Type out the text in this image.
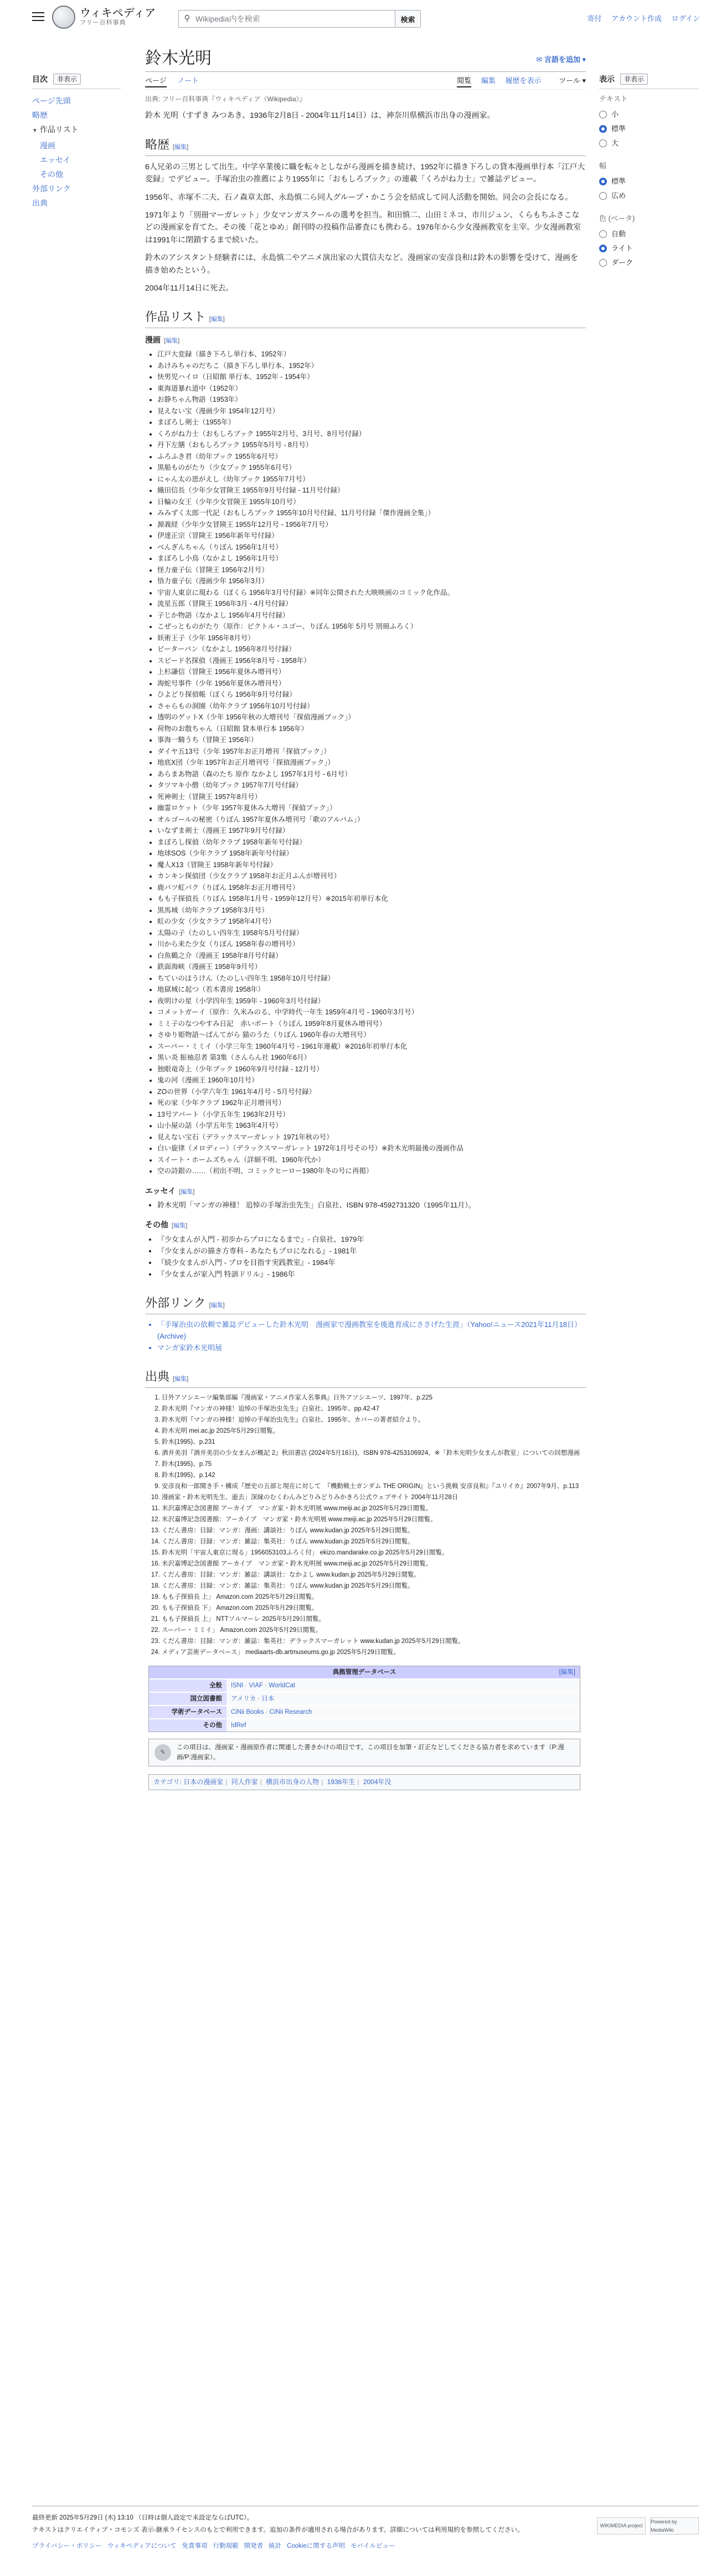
ウィキペディア
フリー百科事典	⚲
Wikipedia内を検索	検索	寄付 アカウント作成 ログイン
目次	非表示
ページ先頭
略歴
▼ 作品リスト
漫画
エッセイ
その他
外部リンク
出典
表示	非表示
テキスト
小
標準
大
幅
標準
広め
色 (ベータ)
自動
ライト
ダーク
鈴木光明	✉ 言語を追加 ▾
ページ ノート	閲覧 編集 履歴を表示 ツール ▾
出典: フリー百科事典『ウィキペディア（Wikipedia）』

鈴木 光明（すずき みつあき、1936年2月8日 - 2004年11月14日）は、神奈川県横浜市出身の漫画家。

略歴 [編集]

6人兄弟の三男として出生。中学卒業後に職を転々としながら漫画を描き続け、1952年に描き下ろしの貸本漫画単行本「江戸大変録」でデビュー。手塚治虫の推薦により1955年に「おもしろブック」の連載「くろがね力士」で雑誌デビュー。

1956年、赤塚不二夫、石ノ森章太郎、永島慎二ら同人グループ・かこう会を結成して同人活動を開始。同会の会長になる。

1971年より「別冊マーガレット」少女マンガスクールの選考を担当。和田慎二、山田ミネコ、市川ジュン、くらもちふさこなどの漫画家を育てた。その後「花とゆめ」創刊時の投稿作品審査にも携わる。1976年から少女漫画教室を主宰。少女漫画教室は1991年に閉鎖するまで続いた。

鈴木のアシスタント経験者には、永島慎二やアニメ演出家の大貫信夫など。漫画家の安彦良和は鈴木の影響を受けて、漫画を描き始めたという。

2004年11月14日に死去。

作品リスト [編集]
漫画 [編集]
• 江戸大変録（描き下ろし単行本、1952年）
• あけみちゃのだちこ（描き下ろし単行本、1952年）
• 快男児ハイロ（日昭館 単行本、1952年 - 1954年）
• 東海道暴れ道中（1952年）
• お静ちゃん物語（1953年）
• 見えない宝（漫画少年 1954年12月号）
• まぼろし剣士（1955年）
• くろがね力士（おもしろブック 1955年2月号、3月号、8月号付録）
• 丹下左膳（おもしろブック 1955年5月号 - 8月号）
• ふろふき君（幼年ブック 1955年6月号）
• 黒船ものがたり（少女ブック 1955年6月号）
• にゃん太の恩がえし（幼年ブック 1955年7月号）
• 織田信長（少年少女冒険王 1955年9月号付録 - 11月号付録）
• 日輪の女王（少年少女冒険王 1955年10月号）
• みみずく太郎一代記（おもしろブック 1955年10月号付録、11月号付録「傑作漫画全集」）
• 源義経（少年少女冒険王 1955年12月号 - 1956年7月号）
• 伊達正宗（冒険王 1956年新年号付録）
• べんぎんちゃん（りぼん 1956年1月号）
• まぼろし小鳥（なかよし 1956年1月号）
• 怪力童子伝（冒険王 1956年2月号）
• 悟力童子伝（漫画少年 1956年3月）
• 宇宙人東京に現わる（ぼくら 1956年3月号付録）※同年公開された大映映画のコミック化作品。
• 流星五郎（冒険王 1956年3月 - 4月号付録）
• 子じか物語（なかよし 1956年4月号付録）
• こぜっとものがたり（原作：ビクトル・ユゴー、りぼん 1956年 5月号 別冊ふろく）
• 妖術王子（少年 1956年8月号）
• ピーターパン（なかよし 1956年8月号付録）
• スピード名探偵（漫画王 1956年8月号 - 1958年）
• 上杉謙信（冒険王 1956年夏休み増刊号）
• 海蛇号事件（少年 1956年夏休み増刊号）
• ひよどり探偵帳（ぼくら 1956年9月号付録）
• さゃらもの洞園（幼年クラブ 1956年10月号付録）
• 透明のゲットX（少年 1956年秋の大増刊号「探偵漫画ブック」）
• 荷物のお散ちゃん（日昭館 貸本単行本 1956年）
• 事海一騎うち（冒険王 1956年）
• ダイヤ五13号（少年 1957年お正月増刊「探偵ブック」）
• 地底X団（少年 1957年お正月増刊号「探偵漫画ブック」）
• あらまあ物語（森のたち 原作 なかよし 1957年1月号 - 6月号）
• タツマキ小僧（幼年ブック 1957年7月号付録）
• 死神剣士（冒険王 1957年8月号）
• 幽霊ロケット（少年 1957年夏休み大増刊「探偵ブック」）
• オルゴールの秘密（りぼん 1957年夏休み増刊号「歌のアルバム」）
• いなずま剣士（漫画王 1957年9月号付録）
• まぼろし探偵（幼年クラブ 1958年新年号付録）
• 地球SOS（少年クラブ 1958年新年号付録）
• 魔人X13（冒険王 1958年新年号付録）
• カンキン探偵団（少女クラブ 1958年お正月ふんが増刊号）
• 鹿バツ虹バク（りぼん 1958年お正月増刊号）
• もも子探偵長（りぼん 1958年1月号 - 1959年12月号）※2015年初単行本化
• 黒馬城（幼年クラブ 1958年3月号）
• 虹の少女（少女クラブ 1958年4月号）
• 太陽の子（たのしい四年生 1958年5月号付録）
• 川から来た少女（りぼん 1958年春の増刊号）
• 白魚鶴之介（漫画王 1958年8月号付録）
• 鉄面海峡（漫画王 1958年9月号）
• ちていのほうけん（たのしい四年生 1958年10月号付録）
• 地獄城に起つ（若木書房 1958年）
• 夜明けの星（小学四年生 1959年 - 1960年3月号付録）
• コメットガーイ（原作：久米みのる、中学時代一年生 1959年4月号 - 1960年3月号）
• ミミ子のなつやすみ日記　赤いボート（りぼん 1959年8月夏休み増刊号）
• さゆり姫物語～ぱんてがら 猫のうた（りぼん 1960年春の大増刊号）
• スーパー・ミミイ（小学三年生 1960年4月号 - 1961年連載）※2016年初単行本化
• 黒い炎 振袖忍者 第3集（さんらん社 1960年6月）
• 独眼竜奇上（少年ブック 1960年9月号付録 - 12月号）
• 鬼の河（漫画王 1960年10月号）
• ZOの世界（小学六年生 1961年4月号 - 5月号付録）
• 死の家（少年クラブ 1962年正月増刊号）
• 13号アパート（小学五年生 1963年2月号）
• 山小屋の話（小学五年生 1963年4月号）
• 見えない宝石（デラックスマーガレット 1971年秋の号）
• 白い旋律（メロディー）（デラックスマーガレット 1972年1月号その号）※鈴木光明最後の漫画作品
• スイート・ホームズちゃん（詳細不明、1960年代か）
• 空の詩銀の……（初出不明、コミックヒーロー1980年冬の号に再掲）
エッセイ [編集]
• 鈴木光明「マンガの神様！ 追悼の手塚治虫先生」白泉社、ISBN 978-4592731320（1995年11月）。
その他 [編集]
• 『少女まんが入門 - 初歩からプロになるまで』- 白泉社、1979年
• 『少女まんがの描き方専科 - あなたもプロになれる』- 1981年
• 『続少女まんが入門 - プロを目指す実践教室』- 1984年
• 『少女まんが家入門 特訓ドリル』- 1986年
外部リンク [編集]
• 「手塚治虫の依頼で雑誌デビューした鈴木光明　漫画家で漫画教室を後進育成にささげた生涯」（Yahoo!ニュース2021年11月18日）(Archive)
• マンガ家鈴木光明展
出典 [編集]
1. 日外アソシエーツ編集部編『漫画家・アニメ作家人名事典』日外アソシエーツ、1997年、p.225
2. 鈴木光明『マンガの神様！追悼の手塚治虫先生』白泉社、1995年、pp.42-47
3. 鈴木光明『マンガの神様！追悼の手塚治虫先生』白泉社、1995年、カバーの著者紹介より。
4. 鈴木光明 mei.ac.jp 2025年5月29日閲覧。
5. 鈴木(1995)、p.231
6. 酒井美羽『酒井美羽の少女まんが概記 2』秋田書店 (2024年5月16日)、ISBN 978-4253106924。※「鈴木光明少女まんが教室」についての回想漫画
7. 鈴木(1995)、p.75
8. 鈴木(1995)、p.142
9. 安彦良和一郎聞き手・構成『歴史の五部と現在に対して　『機動戦士ガンダム THE ORIGIN』という挑戦 安彦良和』『ユリイカ』2007年9月、p.113
10. 漫画家・鈴木光明先生、逝去」深縁のむくわんみどりみどりみかきろ公式ウェブサイト 2004年11月28日
11. 米沢嘉博記念図書館 アーカイブ　マンガ家・鈴木光明展 www.meiji.ac.jp 2025年5月29日閲覧。
12. 米沢嘉博記念図書館：アーカイブ　マンガ家・鈴木光明展 www.meiji.ac.jp 2025年5月29日閲覧。
13. くだん書房：目録：マンガ：漫画：講談社：りぼん www.kudan.jp 2025年5月29日閲覧。
14. くだん書房：目録：マンガ：雑誌：集英社：りぼん www.kudan.jp 2025年5月29日閲覧。
15. 鈴木光明「宇宙人東京に現る」1956053103ふろく付」 ekizo.mandarake.co.jp 2025年5月29日閲覧。
16. 米沢嘉博記念図書館 アーカイブ　マンガ家・鈴木光明展 www.meiji.ac.jp 2025年5月29日閲覧。
17. くだん書房：目録：マンガ：雑誌：講談社：なかよし www.kudan.jp 2025年5月29日閲覧。
18. くだん書房：目録：マンガ：雑誌：集英社：りぼん www.kudan.jp 2025年5月29日閲覧。
19. もも子探偵長 上」 Amazon.com 2025年5月29日閲覧。
20. もも子探偵長 下」 Amazon.com 2025年5月29日閲覧。
21. もも子探偵長 上」 NTTソルマーレ 2025年5月29日閲覧。
22. スーパー・ミミイ」 Amazon.com 2025年5月29日閲覧。
23. くだん書房：目録：マンガ：雑誌：集英社：デラックスマーガレット www.kudan.jp 2025年5月29日閲覧。
24. メディア芸術データベース」 mediaarts-db.artmuseums.go.jp 2025年5月29日閲覧。
典拠管理データベース	[編集]
全般	ISNI · VIAF · WorldCat
国立図書館	アメリカ · 日本
学術データベース	CiNii Books · CiNii Research
その他	IdRef
✎
この項目は、漫画家・漫画原作者に関連した書きかけの項目です。この項目を加筆・訂正などしてくださる協力者を求めています（P:漫画/P:漫画家）。
カテゴリ: 日本の漫画家 | 同人作家 | 横浜市出身の人物 | 1936年生 | 2004年没
最終更新 2025年5月29日 (木) 13:10 （日時は個人設定で未設定ならばUTC）。
テキストはクリエイティブ・コモンズ 表示-継承ライセンスのもとで利用できます。追加の条件が適用される場合があります。詳細については利用規約を参照してください。
プライバシー・ポリシー ウィキペディアについて 免責事項 行動規範 開発者 統計 Cookieに関する声明 モバイルビュー
WIKIMEDIA project
Powered by MediaWiki
